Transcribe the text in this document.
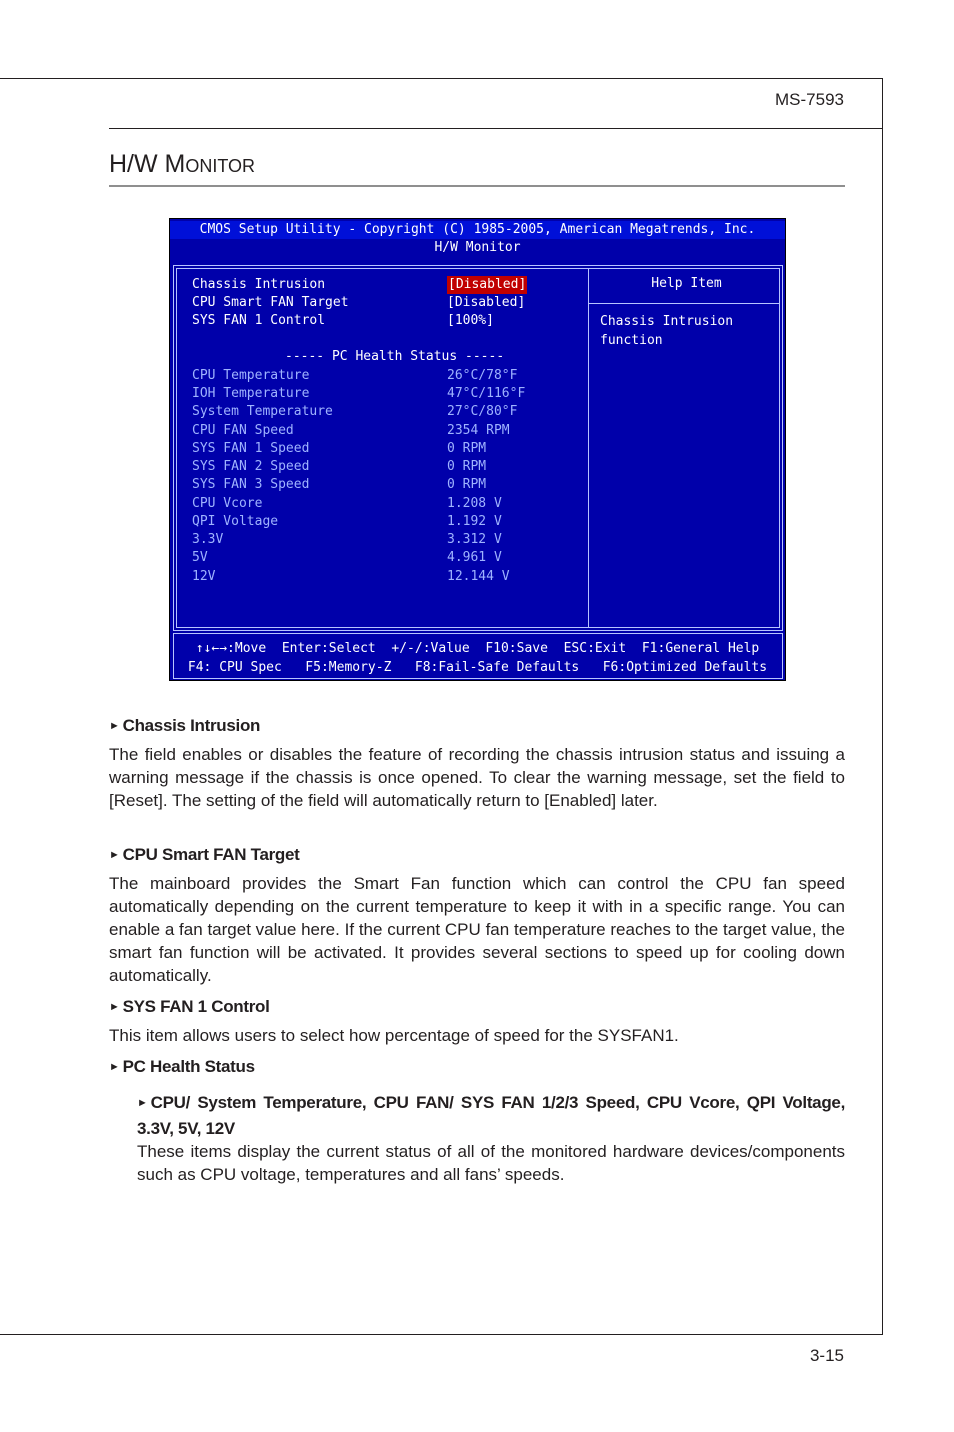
MS-7593
H/W Monitor
CMOS Setup Utility - Copyright (C) 1985-2005, American Megatrends, Inc.
H/W Monitor
Chassis Intrusion	[Disabled]
CPU Smart FAN Target	[Disabled]
SYS FAN 1 Control	[100%]
----- PC Health Status -----
CPU Temperature	26°C/78°F
IOH Temperature	47°C/116°F
System Temperature	27°C/80°F
CPU FAN Speed	2354 RPM
SYS FAN 1 Speed	0 RPM
SYS FAN 2 Speed	0 RPM
SYS FAN 3 Speed	0 RPM
CPU Vcore	1.208 V
QPI Voltage	1.192 V
3.3V	3.312 V
5V	4.961 V
12V	12.144 V
Help Item
Chassis Intrusion function
↑↓←→:Move  Enter:Select  +/-/:Value  F10:Save  ESC:Exit  F1:General Help
F4: CPU Spec   F5:Memory-Z   F8:Fail-Safe Defaults   F6:Optimized Defaults
► Chassis Intrusion
The field enables or disables the feature of recording the chassis intrusion status and issuing a warning message if the chassis is once opened. To clear the warning message, set the field to [Reset]. The setting of the field will automatically return to [Enabled] later.
► CPU Smart FAN Target
The mainboard provides the Smart Fan function which can control the CPU fan speed automatically depending on the current temperature to keep it with in a specific range. You can enable a fan target value here. If the current CPU fan temperature reaches to the target value, the smart fan function will be activated. It provides several sections to speed up for cooling down automatically.
► SYS FAN 1 Control
This item allows users to select how percentage of speed for the SYSFAN1.
► PC Health Status
► CPU/ System Temperature, CPU FAN/ SYS FAN 1/2/3 Speed, CPU Vcore, QPI Voltage, 3.3V, 5V, 12V
These items display the current status of all of the monitored hardware devices/components such as CPU voltage, temperatures and all fans’ speeds.
3-15
